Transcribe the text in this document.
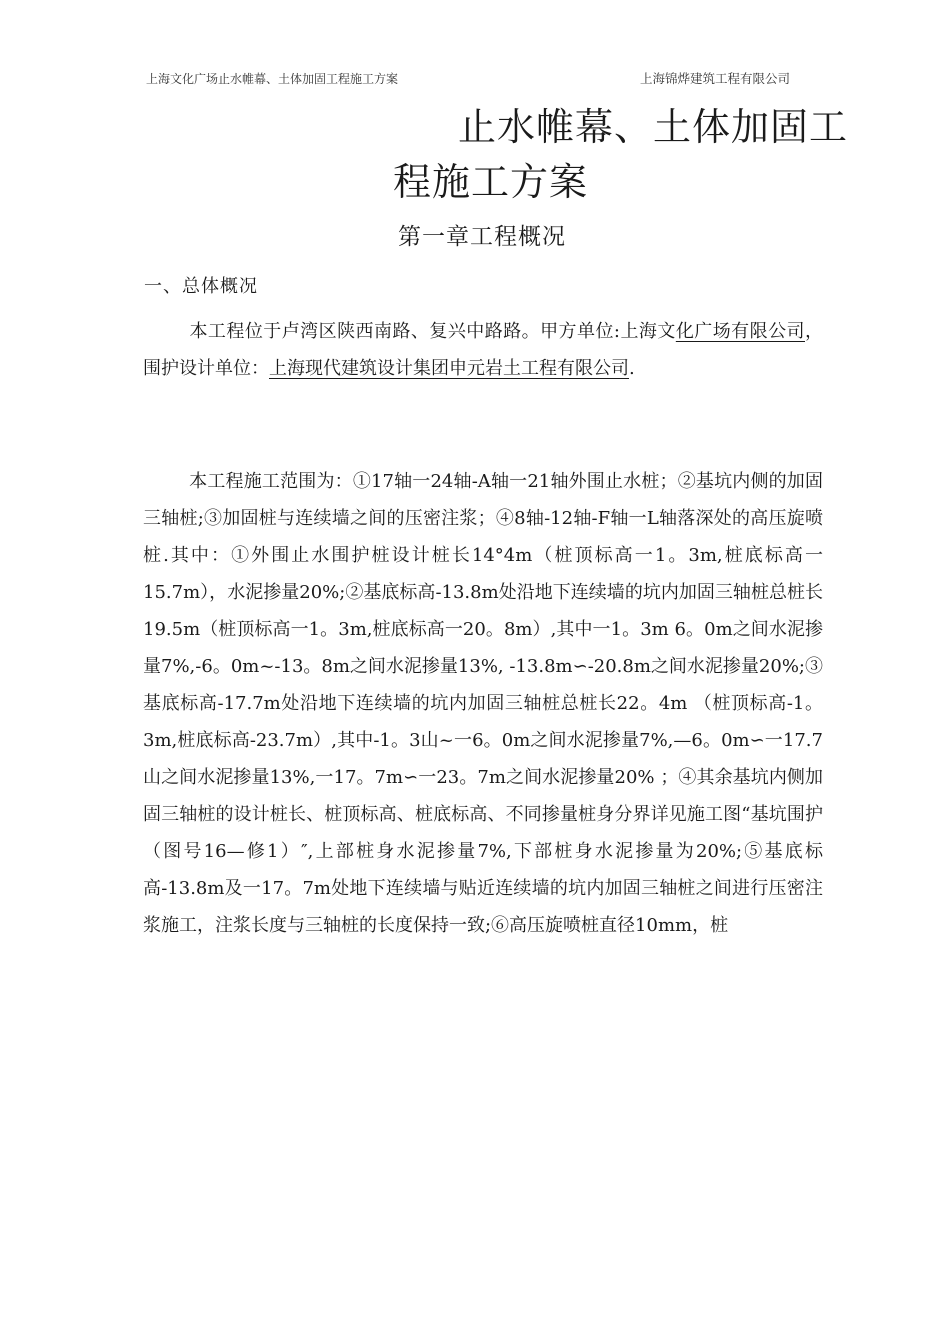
上海文化广场止水帷幕、土体加固工程施工方案	上海锦烨建筑工程有限公司
止水帷幕、土体加固工
程施工方案
第一章工程概况
一、总体概况
本工程位于卢湾区陕西南路、复兴中路路。甲方单位:上海文化广场有限公司，围护设计单位：上海现代建筑设计集团申元岩土工程有限公司.
本工程施工范围为：①17轴一24轴-A轴一21轴外围止水桩；②基坑内侧的加固三轴桩;③加固桩与连续墙之间的压密注浆；④8轴-12轴-F轴一L轴落深处的高压旋喷桩.其中：①外围止水围护桩设计桩长14°4m（桩顶标高一1。3m,桩底标高一15.7m），水泥掺量20%;②基底标高-13.8m处沿地下连续墙的坑内加固三轴桩总桩长19.5m（桩顶标高一1。3m,桩底标高一20。8m）,其中一1。3m 6。0m之间水泥掺量7%,-6。0m~-13。8m之间水泥掺量13%, -13.8m∽-20.8m之间水泥掺量20%;③基底标高-17.7m处沿地下连续墙的坑内加固三轴桩总桩长22。4m （桩顶标高-1。3m,桩底标高-23.7m）,其中-1。3山~一6。0m之间水泥掺量7%,—6。0m∽一17.7山之间水泥掺量13%,一17。7m∽一23。7m之间水泥掺量20% ；④其余基坑内侧加固三轴桩的设计桩长、桩顶标高、桩底标高、不同掺量桩身分界详见施工图“基坑围护（图号16—修1）″,上部桩身水泥掺量7%,下部桩身水泥掺量为20%;⑤基底标高-13.8m及一17。7m处地下连续墙与贴近连续墙的坑内加固三轴桩之间进行压密注浆施工，注浆长度与三轴桩的长度保持一致;⑥高压旋喷桩直径10mm，桩
